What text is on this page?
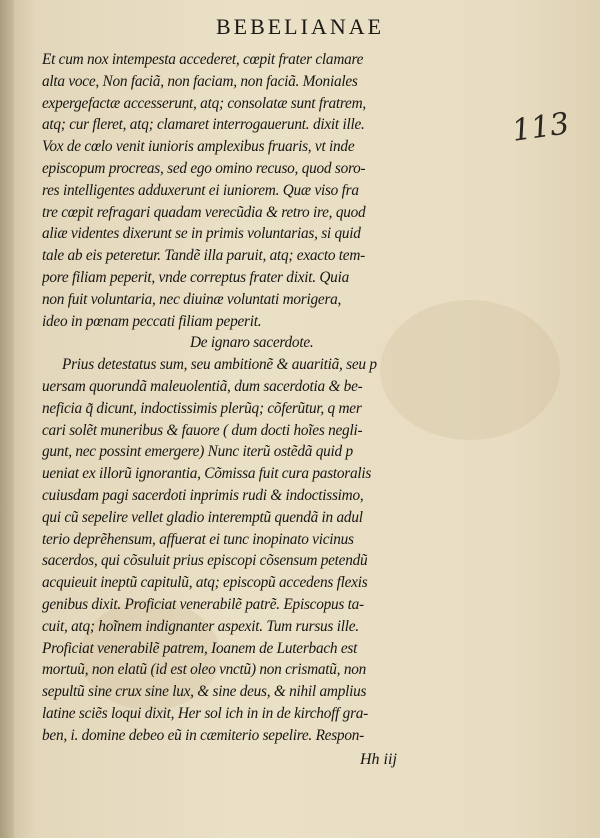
BEBELIANAE
113
Et cum nox intempesta accederet, cœpit frater clamare
alta voce, Non faciã, non faciam, non faciã. Moniales
expergefactæ accesserunt, atq; consolatæ sunt fratrem,
atq; cur fleret, atq; clamaret interrogauerunt. dixit ille.
Vox de cœlo venit iunioris amplexibus fruaris, vt inde
episcopum procreas, sed ego omino recuso, quod soro-
res intelligentes adduxerunt ei iuniorem. Quæ viso fra
tre cœpit refragari quadam verecũdia & retro ire, quod
aliæ videntes dixerunt se in primis voluntarias, si quid
tale ab eis peteretur. Tandẽ illa paruit, atq; exacto tem-
pore filiam peperit, vnde correptus frater dixit. Quia
non fuit voluntaria, nec diuinæ voluntati morigera,
ideo in pœnam peccati filiam peperit.
De ignaro sacerdote.
Prius detestatus sum, seu ambitionẽ & auaritiã, seu p
uersam quorundã maleuolentiã, dum sacerdotia & be-
neficia q̃ dicunt, indoctissimis plerũq; cõferũtur, q mer
cari solẽt muneribus & fauore ( dum docti hoĩes negli-
gunt, nec possint emergere) Nunc iterũ ostẽdã quid p
ueniat ex illorũ ignorantia, Cõmissa fuit cura pastoralis
cuiusdam pagi sacerdoti inprimis rudi & indoctissimo,
qui cũ sepelire vellet gladio interemptũ quendã in adul
terio deprẽhensum, affuerat ei tunc inopinato vicinus
sacerdos, qui cõsuluit prius episcopi cõsensum petendũ
acquieuit ineptũ capitulũ, atq; episcopũ accedens flexis
genibus dixit. Proficiat venerabilẽ patrẽ. Episcopus ta-
cuit, atq; hoĩnem indignanter aspexit. Tum rursus ille.
Proficiat venerabilẽ patrem, Ioanem de Luterbach est
mortuũ, non elatũ (id est oleo vnctũ) non crismatũ, non
sepultũ sine crux sine lux, & sine deus, & nihil amplius
latine sciẽs loqui dixit, Her sol ich in in de kirchoff gra-
ben, i. domine debeo eũ in cæmiterio sepelire. Respon-
Hh iij
